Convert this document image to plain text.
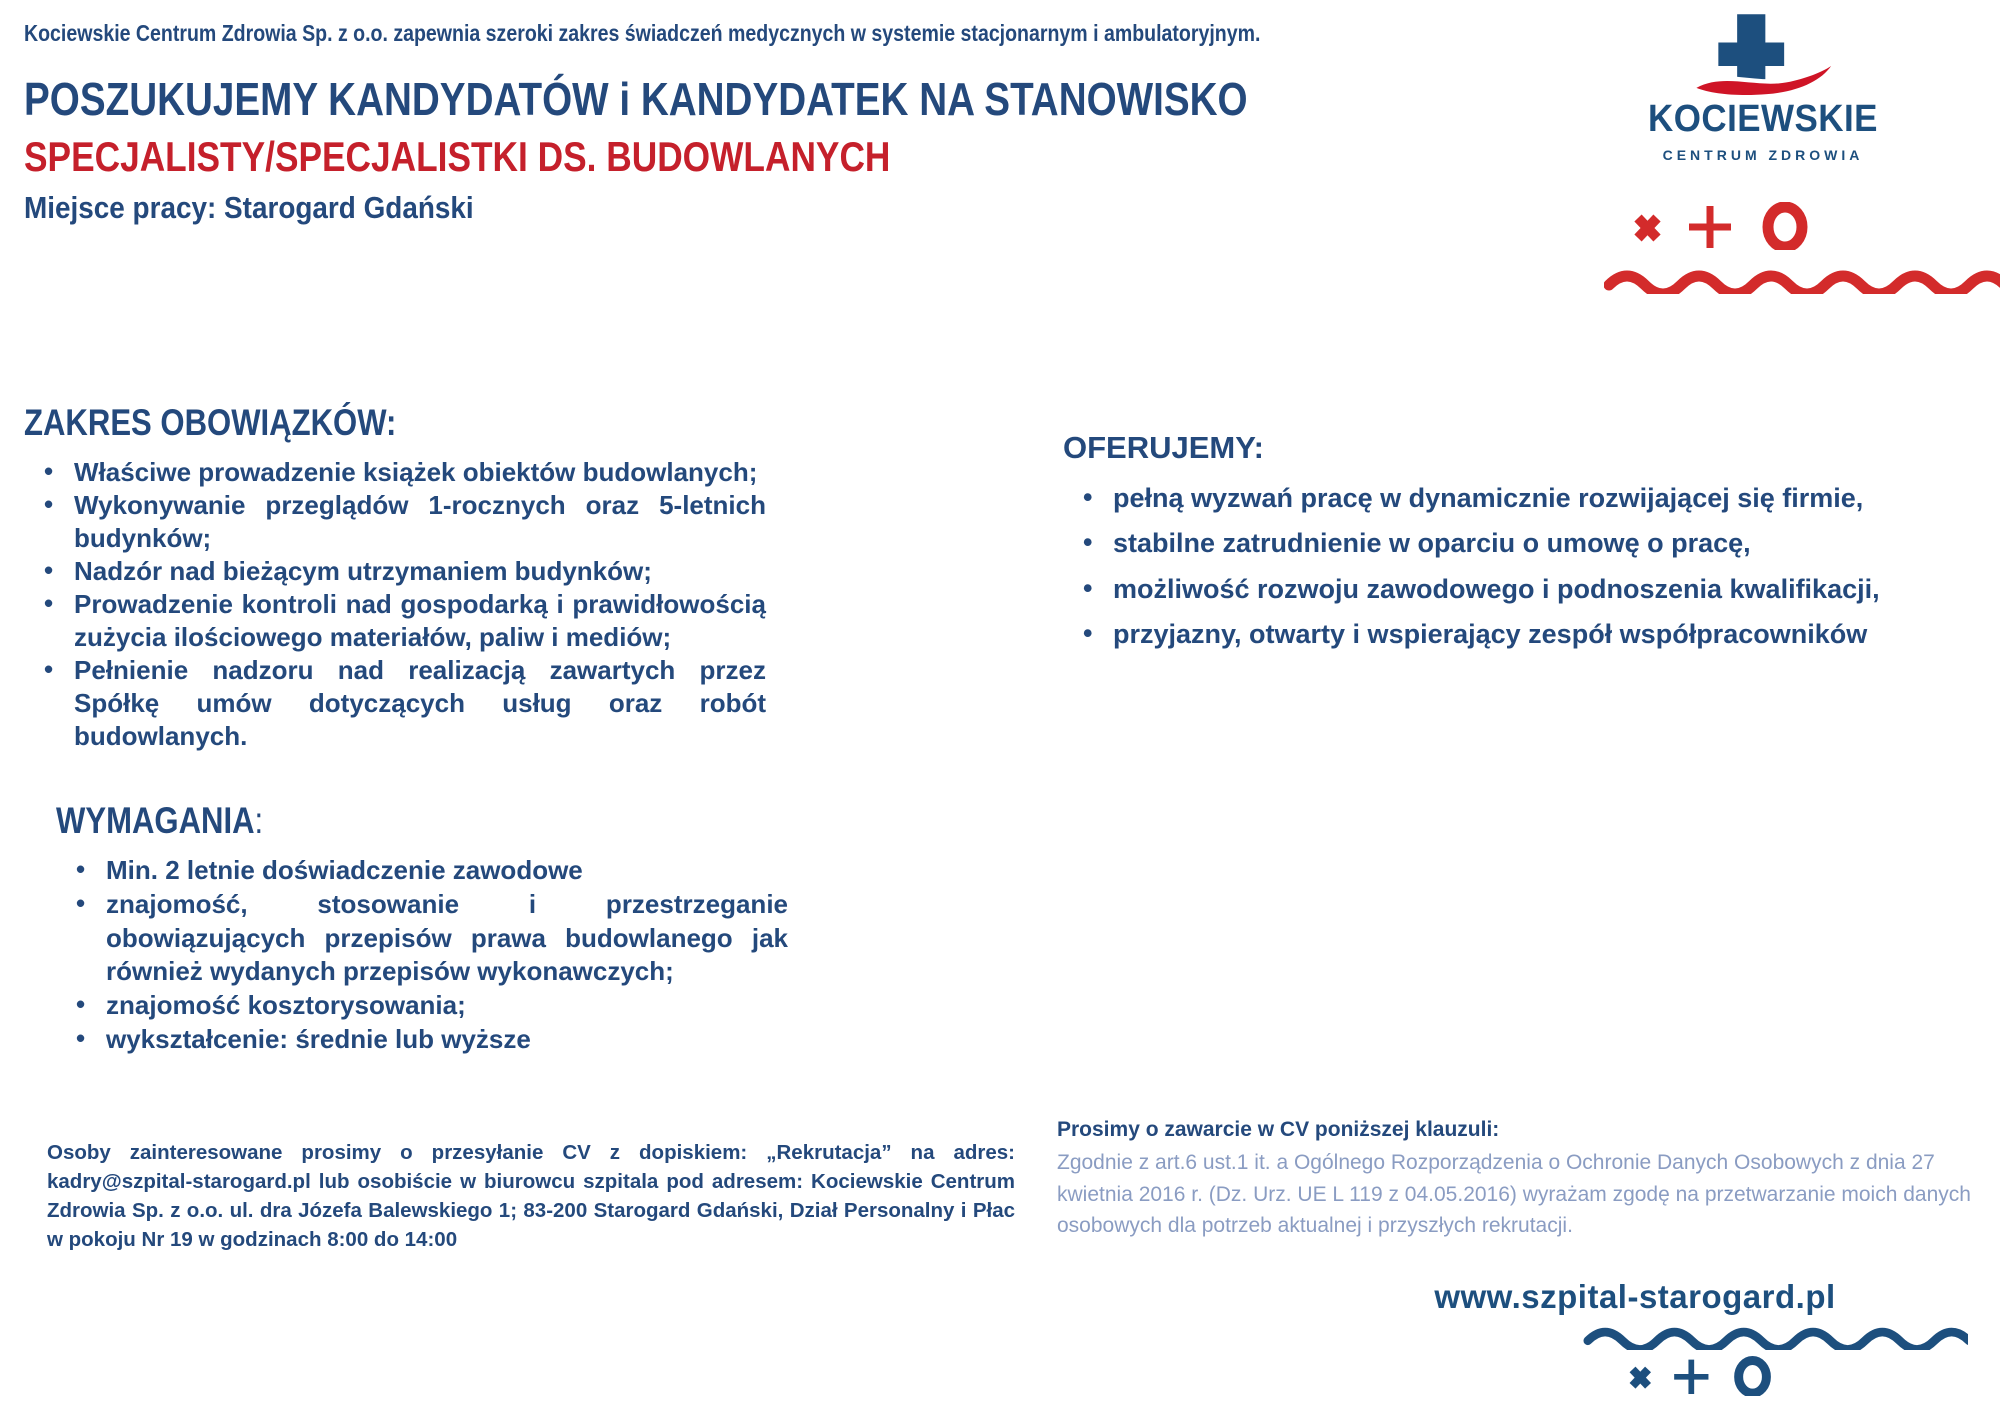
Kociewskie Centrum Zdrowia Sp. z o.o. zapewnia szeroki zakres świadczeń medycznych w systemie stacjonarnym i ambulatoryjnym.
POSZUKUJEMY KANDYDATÓW i KANDYDATEK NA STANOWISKO
SPECJALISTY/SPECJALISTKI DS. BUDOWLANYCH
Miejsce pracy: Starogard Gdański
KOCIEWSKIE
CENTRUM ZDROWIA
ZAKRES OBOWIĄZKÓW:
• Właściwe prowadzenie książek obiektów budowlanych;
• Wykonywanie przeglądów 1-rocznych oraz 5-letnich budynków;
• Nadzór nad bieżącym utrzymaniem budynków;
• Prowadzenie kontroli nad gospodarką i prawidłowością zużycia ilościowego materiałów, paliw i mediów;
• Pełnienie nadzoru nad realizacją zawartych przez Spółkę umów dotyczących usług oraz robót budowlanych.
OFERUJEMY:
• pełną wyzwań pracę w dynamicznie rozwijającej się firmie,
• stabilne zatrudnienie w oparciu o umowę o pracę,
• możliwość rozwoju zawodowego i podnoszenia kwalifikacji,
• przyjazny, otwarty i wspierający zespół współpracowników
WYMAGANIA:
• Min. 2 letnie doświadczenie zawodowe
• znajomość, stosowanie i przestrzeganie obowiązujących przepisów prawa budowlanego jak również wydanych przepisów wykonawczych;
• znajomość kosztorysowania;
• wykształcenie: średnie lub wyższe

Osoby zainteresowane prosimy o przesyłanie CV z dopiskiem: „Rekrutacja” na adres: kadry@szpital-starogard.pl lub osobiście w biurowcu szpitala pod adresem: Kociewskie Centrum Zdrowia Sp. z o.o. ul. dra Józefa Balewskiego 1; 83-200 Starogard Gdański, Dział Personalny i Płac w pokoju Nr 19 w godzinach 8:00 do 14:00

Prosimy o zawarcie w CV poniższej klauzuli:

Zgodnie z art.6 ust.1 it. a Ogólnego Rozporządzenia o Ochronie Danych Osobowych z dnia 27 kwietnia 2016 r. (Dz. Urz. UE L 119 z 04.05.2016) wyrażam zgodę na przetwarzanie moich danych osobowych dla potrzeb aktualnej i przyszłych rekrutacji.

www.szpital-starogard.pl
